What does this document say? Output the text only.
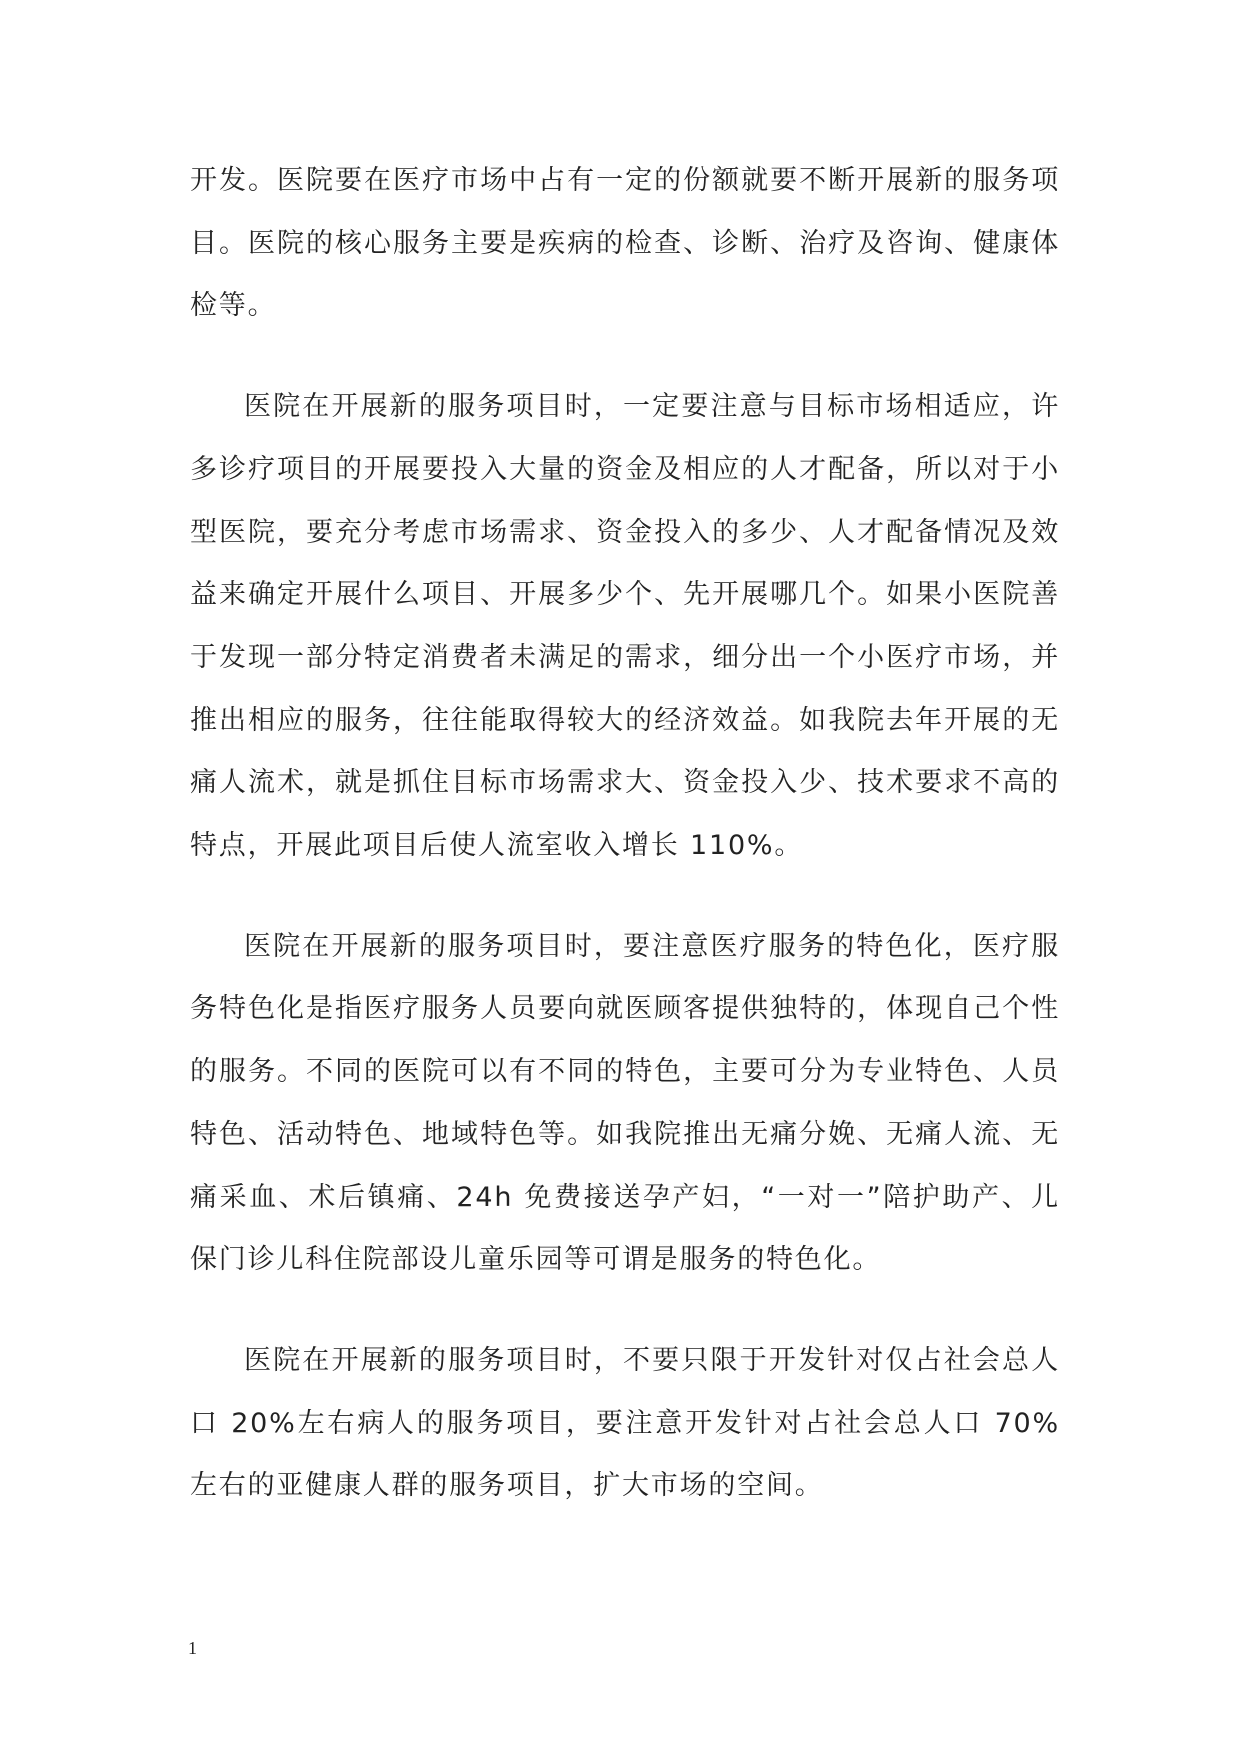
开发。医院要在医疗市场中占有一定的份额就要不断开展新的服务项目。医院的核心服务主要是疾病的检查、诊断、治疗及咨询、健康体检等。

医院在开展新的服务项目时，一定要注意与目标市场相适应，许多诊疗项目的开展要投入大量的资金及相应的人才配备，所以对于小型医院，要充分考虑市场需求、资金投入的多少、人才配备情况及效益来确定开展什么项目、开展多少个、先开展哪几个。如果小医院善于发现一部分特定消费者未满足的需求，细分出一个小医疗市场，并推出相应的服务，往往能取得较大的经济效益。如我院去年开展的无痛人流术，就是抓住目标市场需求大、资金投入少、技术要求不高的特点，开展此项目后使人流室收入增长 110%。

医院在开展新的服务项目时，要注意医疗服务的特色化，医疗服务特色化是指医疗服务人员要向就医顾客提供独特的，体现自己个性的服务。不同的医院可以有不同的特色，主要可分为专业特色、人员特色、活动特色、地域特色等。如我院推出无痛分娩、无痛人流、无痛采血、术后镇痛、24h 免费接送孕产妇，“一对一”陪护助产、儿保门诊儿科住院部设儿童乐园等可谓是服务的特色化。

医院在开展新的服务项目时，不要只限于开发针对仅占社会总人口 20%左右病人的服务项目，要注意开发针对占社会总人口 70%左右的亚健康人群的服务项目，扩大市场的空间。

1
